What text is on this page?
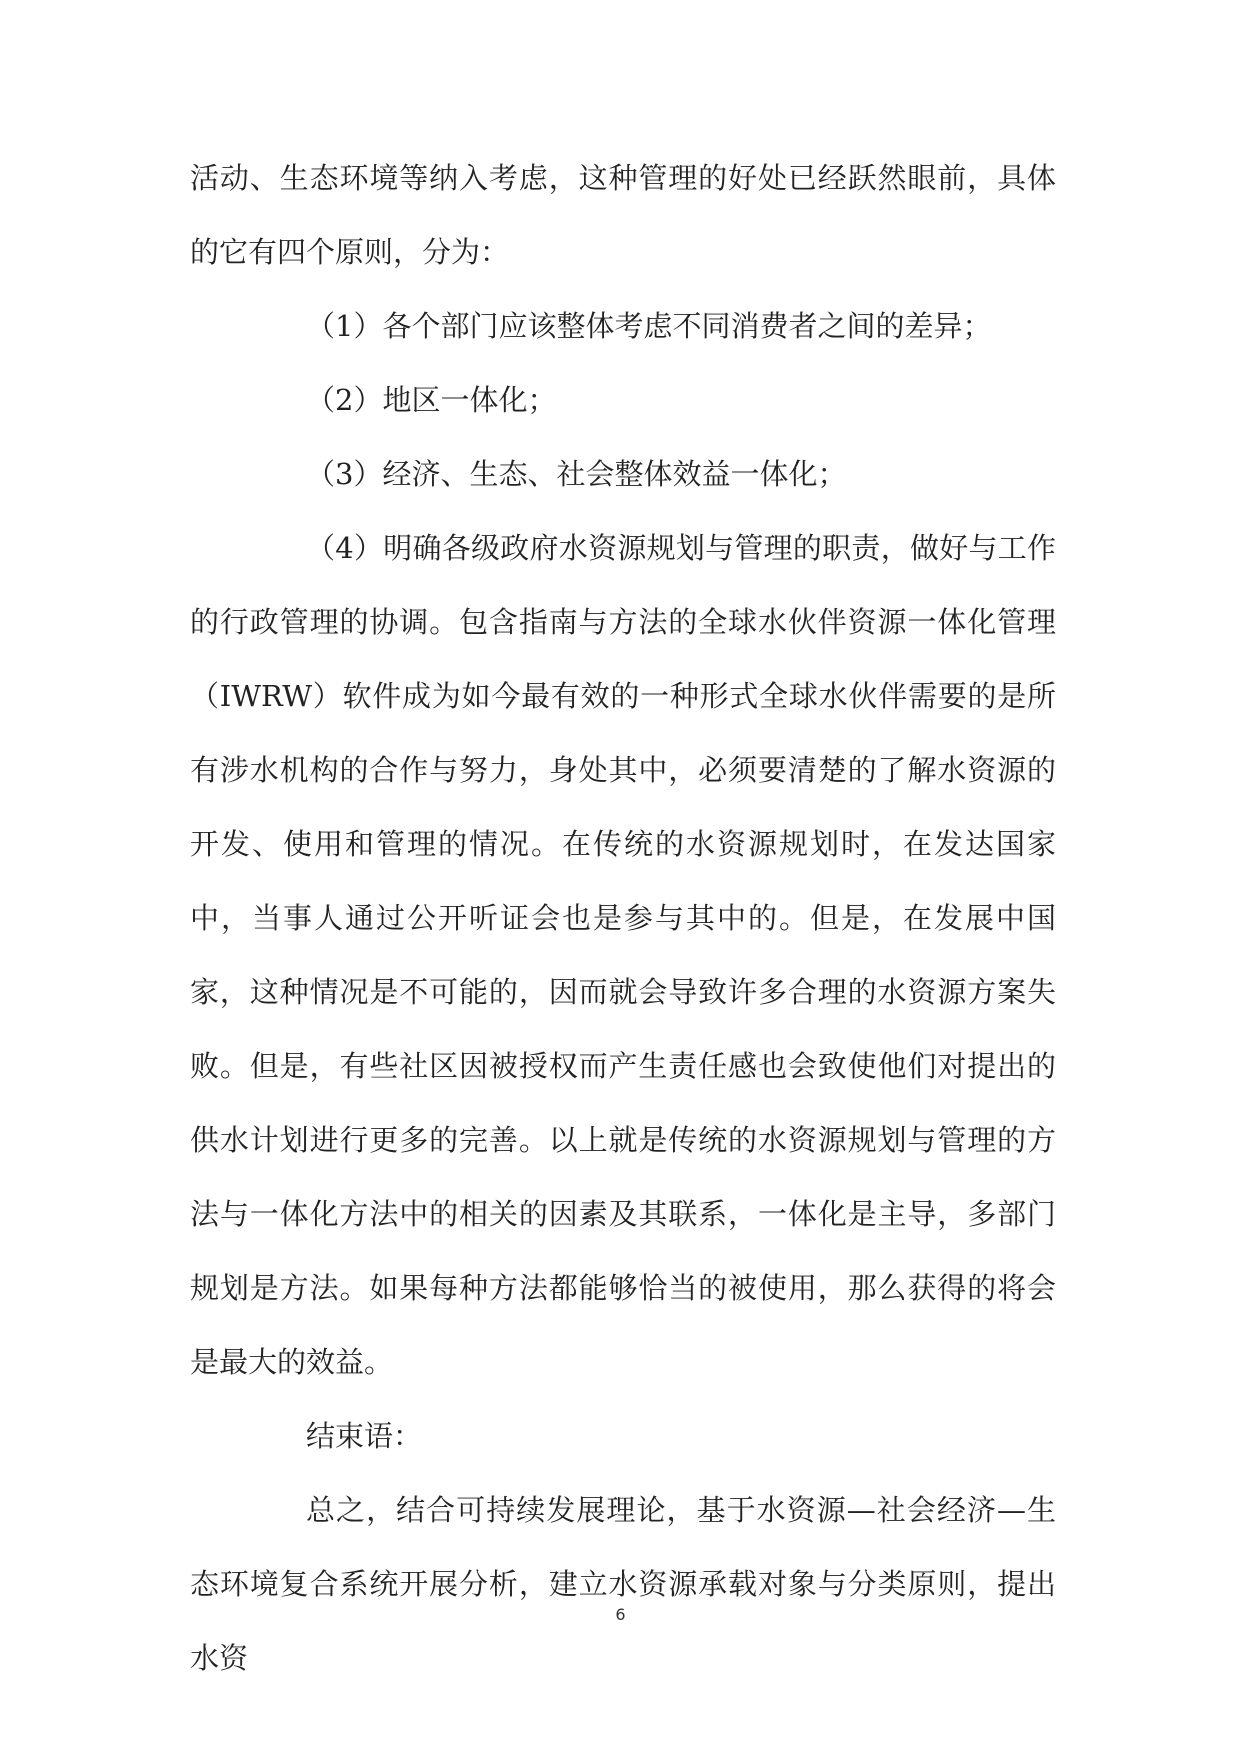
活动、生态环境等纳入考虑，这种管理的好处已经跃然眼前，具体的它有四个原则，分为：

（1）各个部门应该整体考虑不同消费者之间的差异；

（2）地区一体化；

（3）经济、生态、社会整体效益一体化；

（4）明确各级政府水资源规划与管理的职责，做好与工作的行政管理的协调。包含指南与方法的全球水伙伴资源一体化管理（IWRW）软件成为如今最有效的一种形式全球水伙伴需要的是所有涉水机构的合作与努力，身处其中，必须要清楚的了解水资源的开发、使用和管理的情况。在传统的水资源规划时，在发达国家中，当事人通过公开听证会也是参与其中的。但是，在发展中国家，这种情况是不可能的，因而就会导致许多合理的水资源方案失败。但是，有些社区因被授权而产生责任感也会致使他们对提出的供水计划进行更多的完善。以上就是传统的水资源规划与管理的方法与一体化方法中的相关的因素及其联系，一体化是主导，多部门规划是方法。如果每种方法都能够恰当的被使用，那么获得的将会是最大的效益。

结束语：

总之，结合可持续发展理论，基于水资源—社会经济—生态环境复合系统开展分析，建立水资源承载对象与分类原则，提出水资

6
